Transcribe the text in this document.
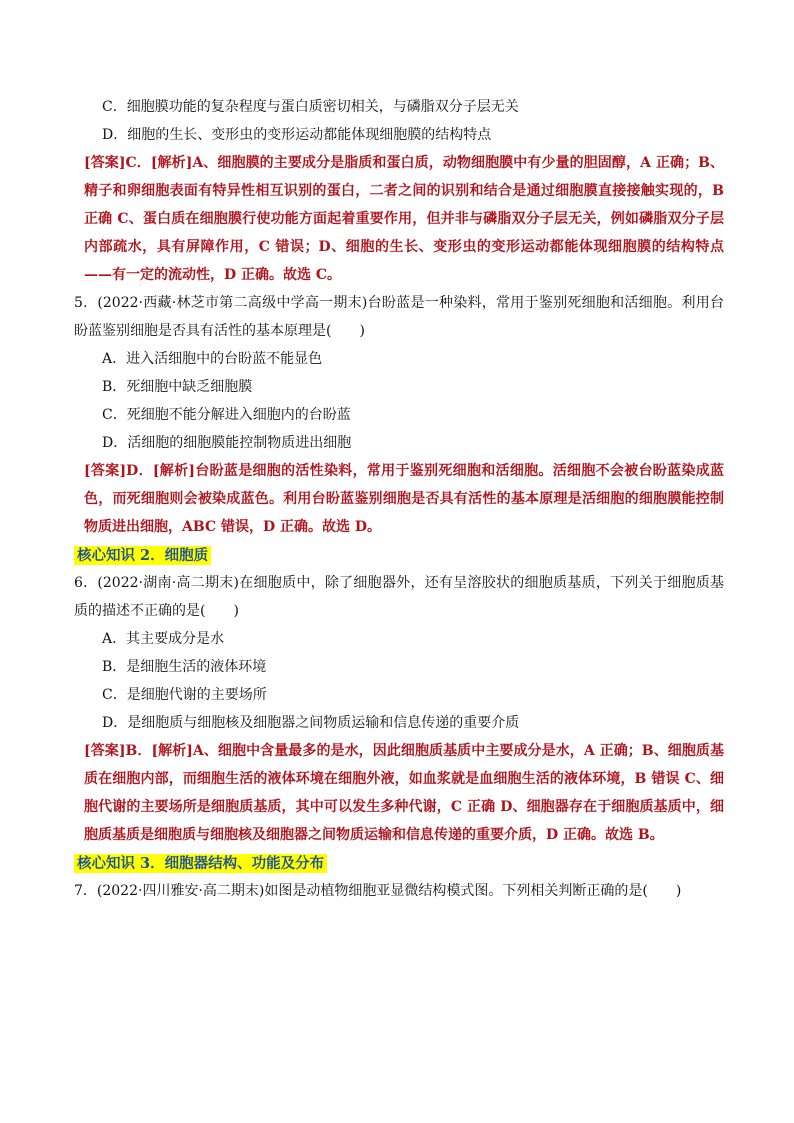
C．细胞膜功能的复杂程度与蛋白质密切相关，与磷脂双分子层无关
D．细胞的生长、变形虫的变形运动都能体现细胞膜的结构特点
[答案]C．[解析]A、细胞膜的主要成分是脂质和蛋白质，动物细胞膜中有少量的胆固醇，A 正确；B、精子和卵细胞表面有特异性相互识别的蛋白，二者之间的识别和结合是通过细胞膜直接接触实现的，B 正确 C、蛋白质在细胞膜行使功能方面起着重要作用，但并非与磷脂双分子层无关，例如磷脂双分子层内部疏水，具有屏障作用，C 错误；D、细胞的生长、变形虫的变形运动都能体现细胞膜的结构特点——有一定的流动性，D 正确。故选 C。
5．(2022·西藏·林芝市第二高级中学高一期末)台盼蓝是一种染料，常用于鉴别死细胞和活细胞。利用台盼蓝鉴别细胞是否具有活性的基本原理是(　　)
A．进入活细胞中的台盼蓝不能显色
B．死细胞中缺乏细胞膜
C．死细胞不能分解进入细胞内的台盼蓝
D．活细胞的细胞膜能控制物质进出细胞
[答案]D．[解析]台盼蓝是细胞的活性染料，常用于鉴别死细胞和活细胞。活细胞不会被台盼蓝染成蓝色，而死细胞则会被染成蓝色。利用台盼蓝鉴别细胞是否具有活性的基本原理是活细胞的细胞膜能控制物质进出细胞，ABC 错误，D 正确。故选 D。
核心知识 2．细胞质
6．(2022·湖南·高二期末)在细胞质中，除了细胞器外，还有呈溶胶状的细胞质基质，下列关于细胞质基质的描述不正确的是(　　)
A．其主要成分是水
B．是细胞生活的液体环境
C．是细胞代谢的主要场所
D．是细胞质与细胞核及细胞器之间物质运输和信息传递的重要介质
[答案]B．[解析]A、细胞中含量最多的是水，因此细胞质基质中主要成分是水，A 正确；B、细胞质基质在细胞内部，而细胞生活的液体环境在细胞外液，如血浆就是血细胞生活的液体环境，B 错误 C、细胞代谢的主要场所是细胞质基质，其中可以发生多种代谢，C 正确 D、细胞器存在于细胞质基质中，细胞质基质是细胞质与细胞核及细胞器之间物质运输和信息传递的重要介质，D 正确。故选 B。
核心知识 3．细胞器结构、功能及分布
7．(2022·四川雅安·高二期末)如图是动植物细胞亚显微结构模式图。下列相关判断正确的是(　　)
